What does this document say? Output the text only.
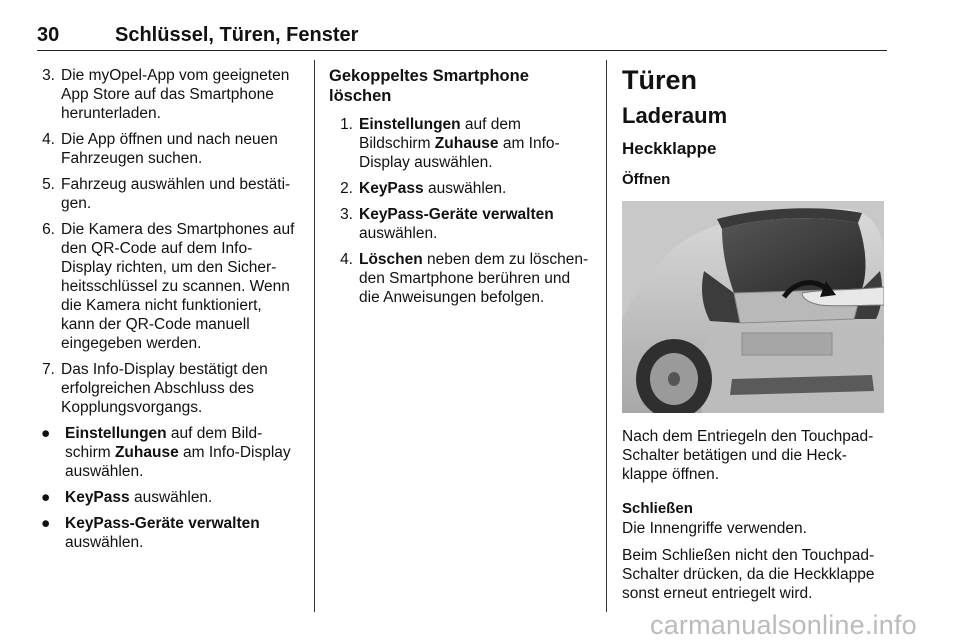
30	Schlüssel, Türen, Fenster
3. Die myOpel-App vom geeigneten App Store auf das Smartphone herunterladen.
4. Die App öffnen und nach neuen Fahrzeugen suchen.
5. Fahrzeug auswählen und bestäti-gen.
6. Die Kamera des Smartphones auf den QR-Code auf dem Info-Display richten, um den Sicher-heitsschlüssel zu scannen. Wenn die Kamera nicht funktioniert, kann der QR-Code manuell eingegeben werden.
7. Das Info-Display bestätigt den erfolgreichen Abschluss des Kopplungsvorgangs.
● Einstellungen auf dem Bild-schirm Zuhause am Info-Display auswählen.
● KeyPass auswählen.
● KeyPass-Geräte verwalten auswählen.
Gekoppeltes Smartphone löschen
1. Einstellungen auf dem Bildschirm Zuhause am Info-Display auswählen.
2. KeyPass auswählen.
3. KeyPass-Geräte verwalten auswählen.
4. Löschen neben dem zu löschen-den Smartphone berühren und die Anweisungen befolgen.
Türen
Laderaum
Heckklappe
Öffnen
Nach dem Entriegeln den Touchpad-Schalter betätigen und die Heck-klappe öffnen.
Schließen
Die Innengriffe verwenden.
Beim Schließen nicht den Touchpad-Schalter drücken, da die Heckklappe sonst erneut entriegelt wird.
carmanualsonline.info
